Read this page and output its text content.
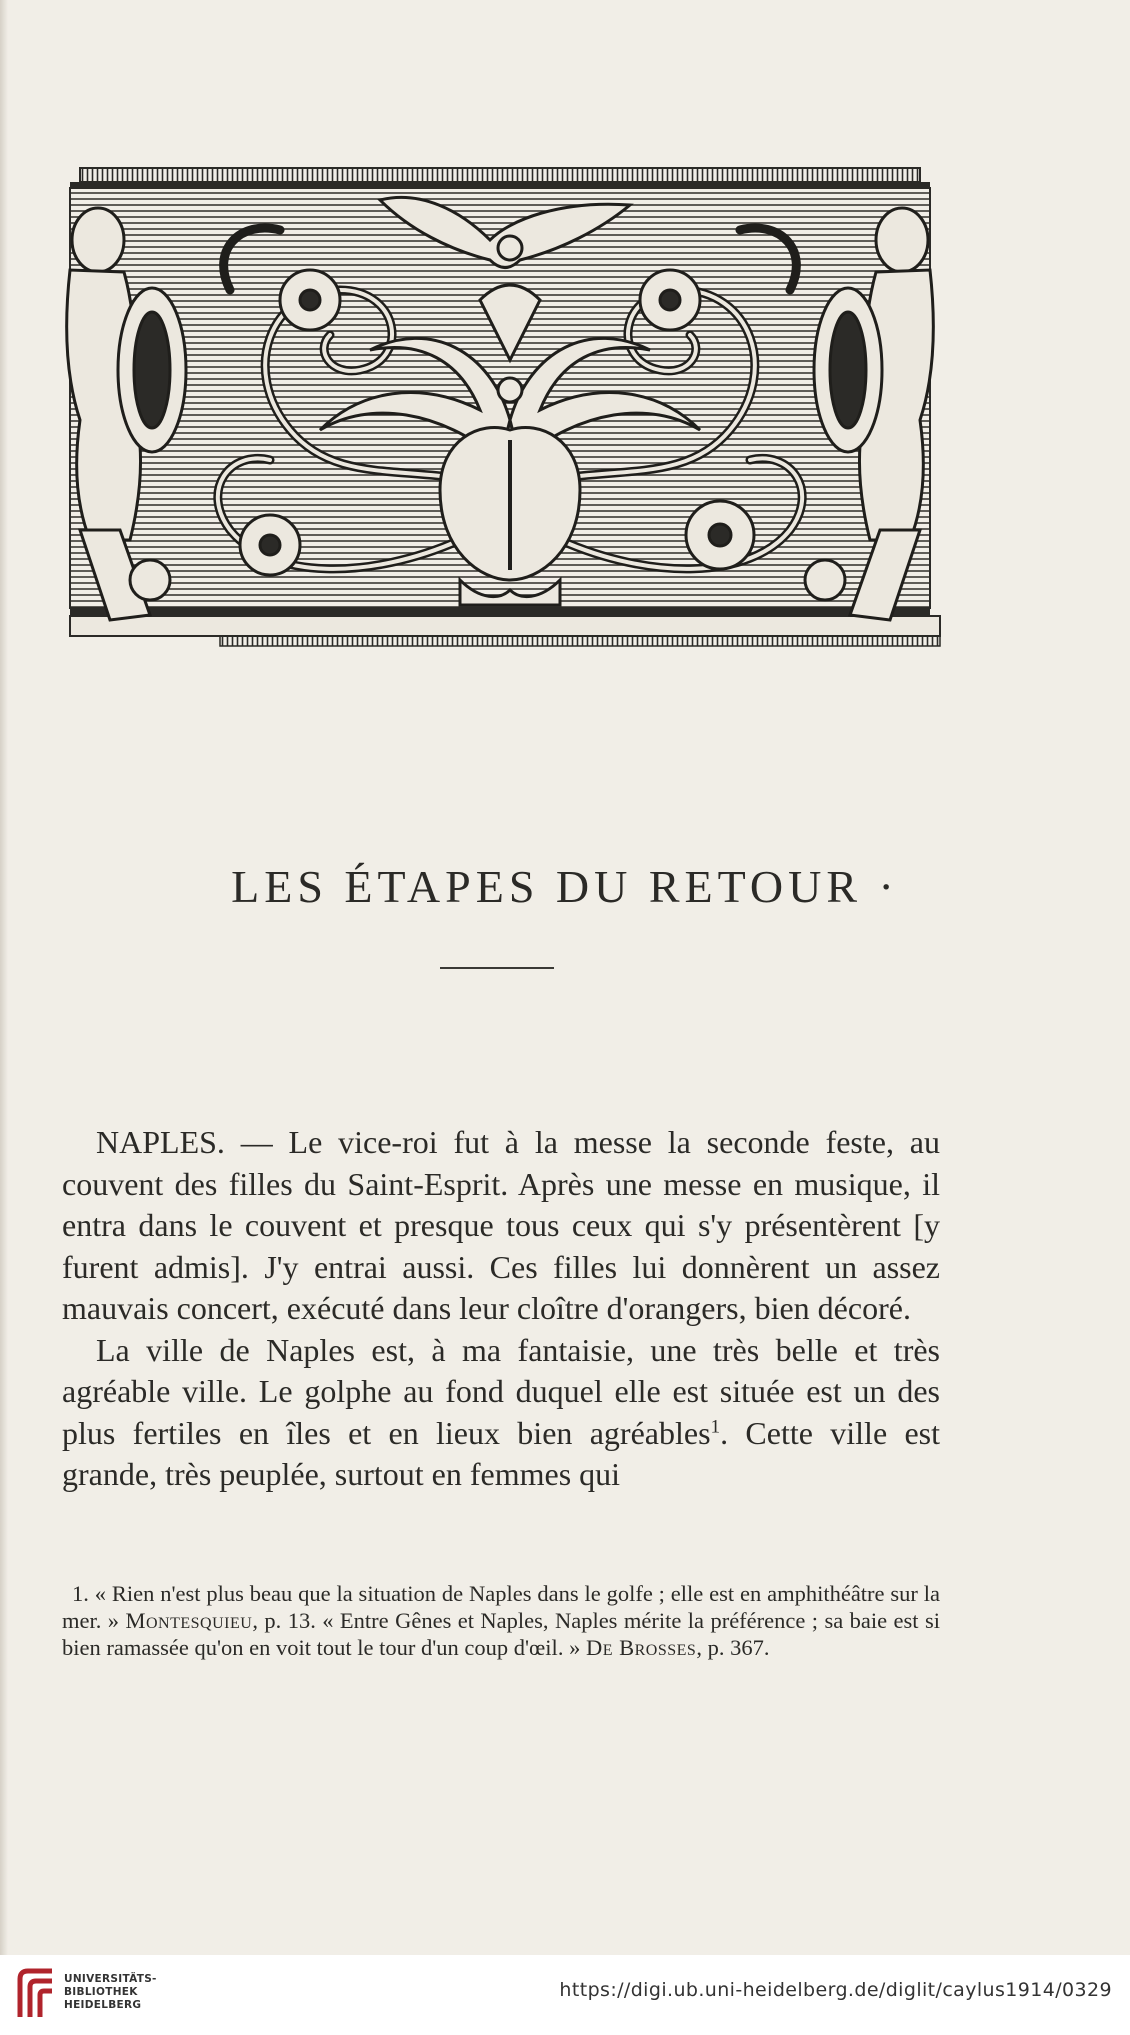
LES ÉTAPES DU RETOUR ·

NAPLES. — Le vice-roi fut à la messe la seconde feste, au couvent des filles du Saint-Esprit. Après une messe en musique, il entra dans le couvent et presque tous ceux qui s'y présentèrent [y furent admis]. J'y entrai aussi. Ces filles lui donnèrent un assez mauvais concert, exécuté dans leur cloître d'orangers, bien décoré.

La ville de Naples est, à ma fantaisie, une très belle et très agréable ville. Le golphe au fond duquel elle est située est un des plus fertiles en îles et en lieux bien agréables$^1$. Cette ville est grande, très peuplée, surtout en femmes qui

1. « Rien n'est plus beau que la situation de Naples dans le golfe ; elle est en amphithéâtre sur la mer. » Montesquieu, p. 13. « Entre Gênes et Naples, Naples mérite la préférence ; sa baie est si bien ramassée qu'on en voit tout le tour d'un coup d'œil. » De Brosses, p. 367.

UNIVERSITÄTS-
BIBLIOTHEK
HEIDELBERG
https://digi.ub.uni-heidelberg.de/diglit/caylus1914/0329
